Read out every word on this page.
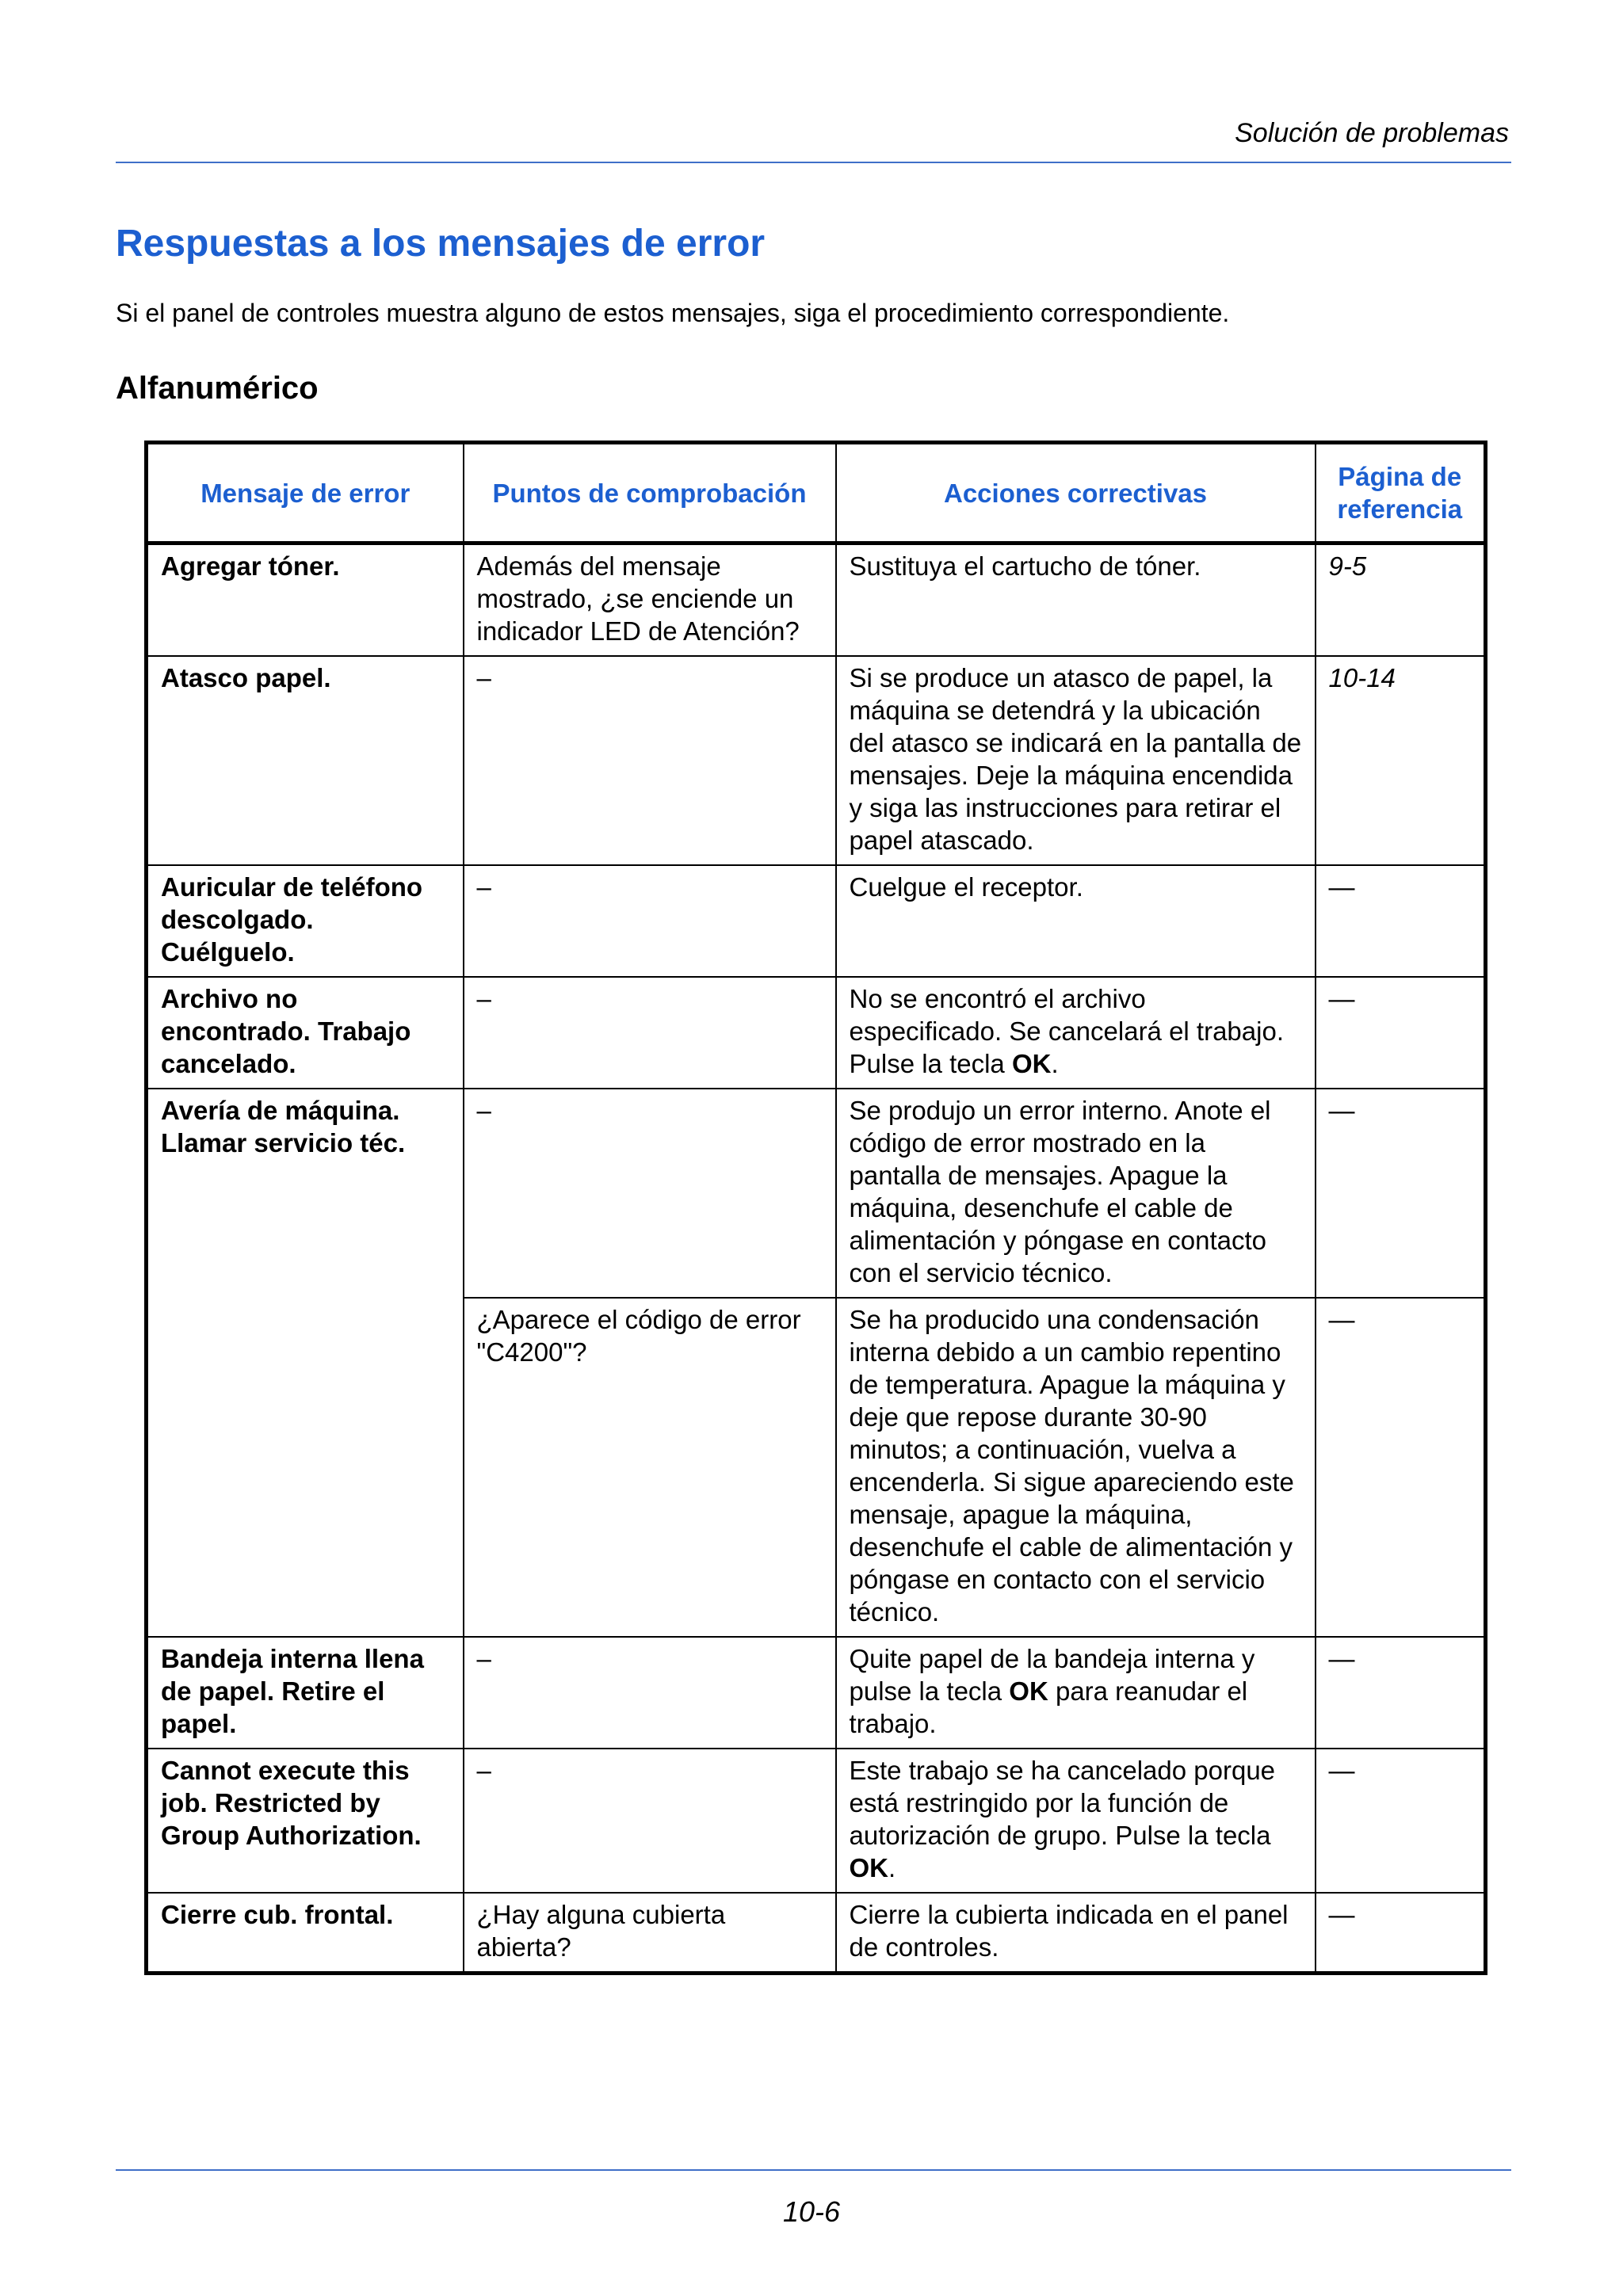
Solución de problemas
Respuestas a los mensajes de error

Si el panel de controles muestra alguno de estos mensajes, siga el procedimiento correspondiente.

Alfanumérico
Mensaje de error	Puntos de comprobación	Acciones correctivas	Página de referencia
Agregar tóner.	Además del mensaje mostrado, ¿se enciende un indicador LED de Atención?	Sustituya el cartucho de tóner.	9-5
Atasco papel.	–	Si se produce un atasco de papel, la máquina se detendrá y la ubicación del atasco se indicará en la pantalla de mensajes. Deje la máquina encendida y siga las instrucciones para retirar el papel atascado.	10-14
Auricular de teléfono descolgado. Cuélguelo.	–	Cuelgue el receptor.	—
Archivo no encontrado. Trabajo cancelado.	–	No se encontró el archivo especificado. Se cancelará el trabajo. Pulse la tecla OK.	—
Avería de máquina. Llamar servicio téc.	–	Se produjo un error interno. Anote el código de error mostrado en la pantalla de mensajes. Apague la máquina, desenchufe el cable de alimentación y póngase en contacto con el servicio técnico.	—
	¿Aparece el código de error "C4200"?	Se ha producido una condensación interna debido a un cambio repentino de temperatura. Apague la máquina y deje que repose durante 30-90 minutos; a continuación, vuelva a encenderla. Si sigue apareciendo este mensaje, apague la máquina, desenchufe el cable de alimentación y póngase en contacto con el servicio técnico.	—
Bandeja interna llena de papel. Retire el papel.	–	Quite papel de la bandeja interna y pulse la tecla OK para reanudar el trabajo.	—
Cannot execute this job. Restricted by Group Authorization.	–	Este trabajo se ha cancelado porque está restringido por la función de autorización de grupo. Pulse la tecla OK.	—
Cierre cub. frontal.	¿Hay alguna cubierta abierta?	Cierre la cubierta indicada en el panel de controles.	—
10-6
